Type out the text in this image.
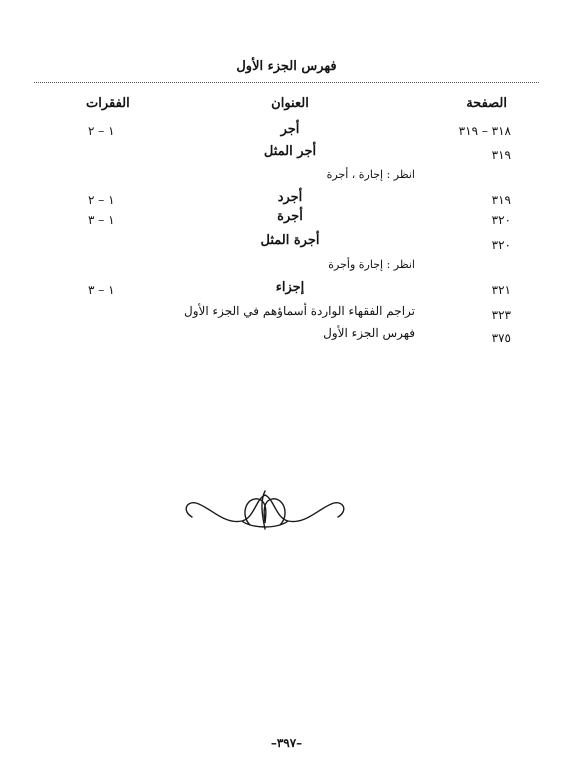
فهرس الجزء الأول
الصفحة
العنوان
الفقرات
٣١٨ – ٣١٩
أجر
١ – ٢
٣١٩
أجر المثل
انظر : إجارة ، أجرة
٣١٩
أجرد
١ – ٢
٣٢٠
أجرة
١ – ٣
٣٢٠
أجرة المثل
انظر : إجارة وأجرة
٣٢١
إجزاء
١ – ٣
٣٢٣
تراجم الفقهاء الواردة أسماؤهم في الجزء الأول
٣٧٥
فهرس الجزء الأول
–٣٩٧–
